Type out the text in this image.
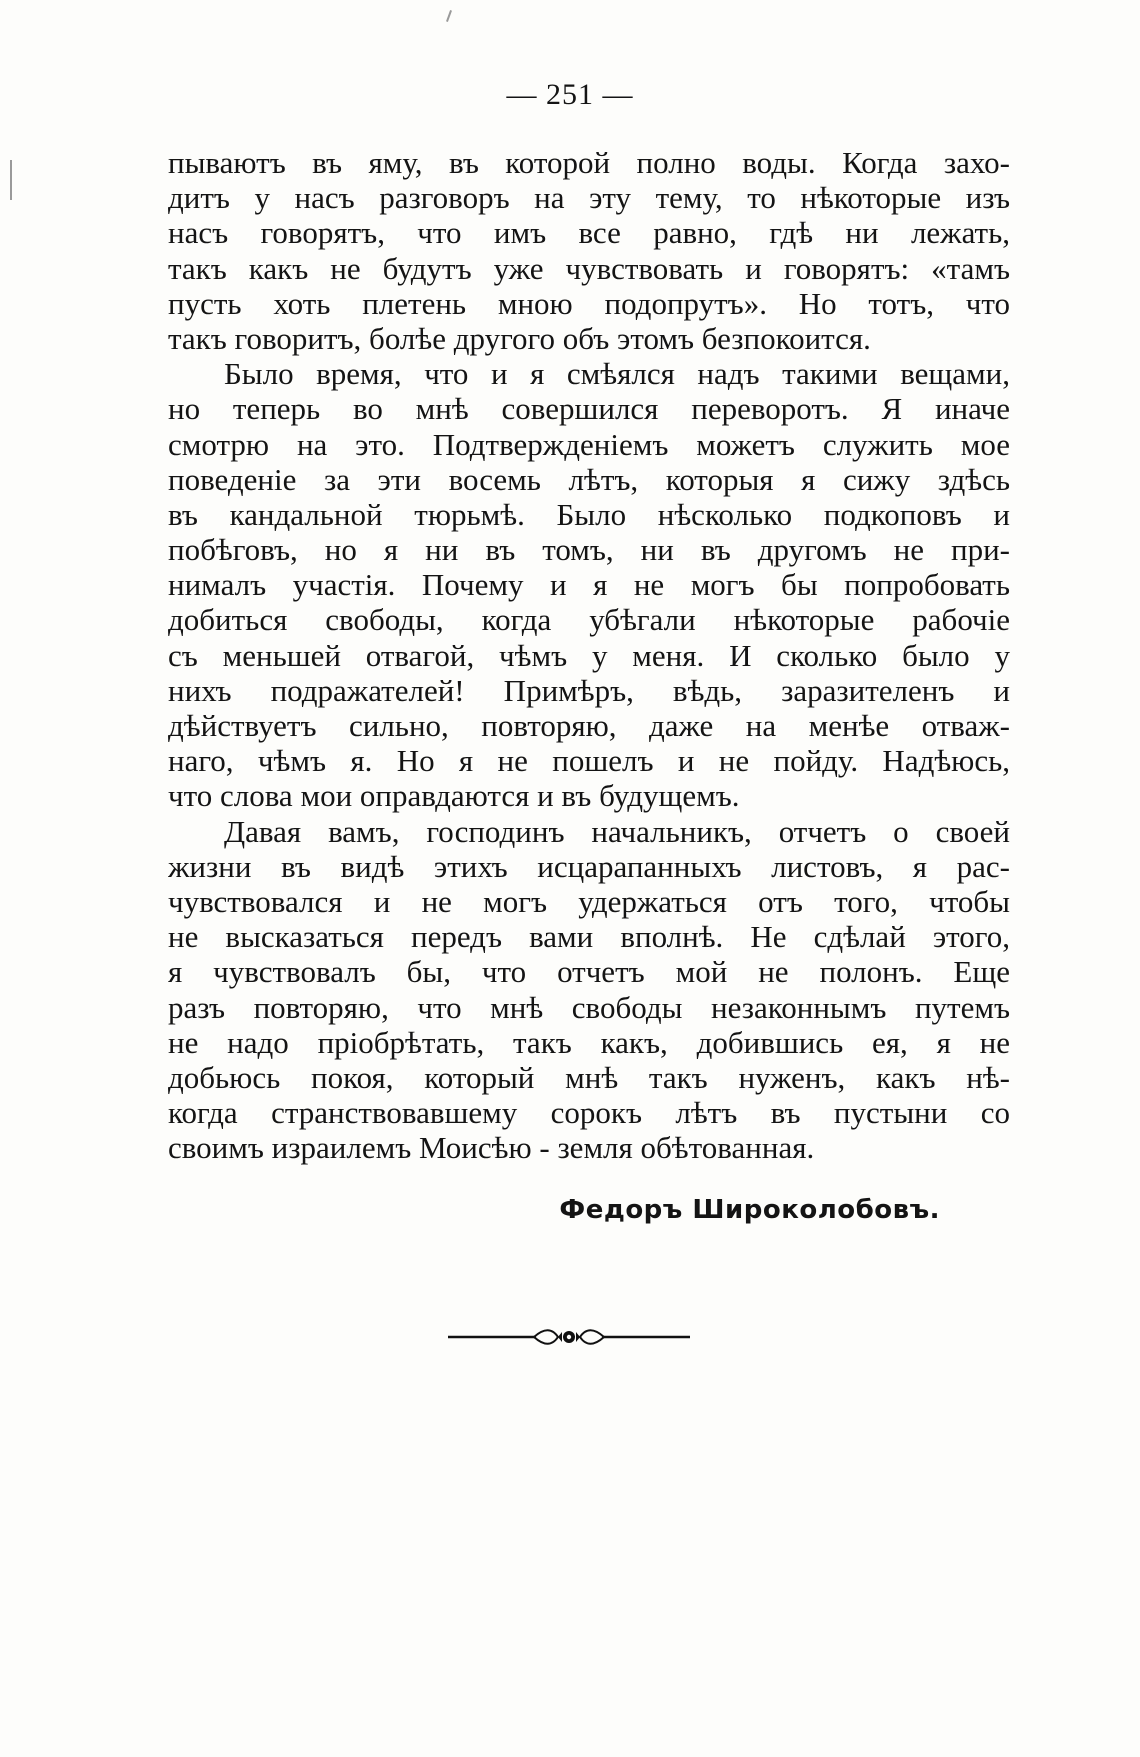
— 251 —
пываютъ въ яму, въ которой полно воды. Когда захо-
дитъ у насъ разговоръ на эту тему, то нѣкоторые изъ
насъ говорятъ, что имъ все равно, гдѣ ни лежать,
такъ какъ не будутъ уже чувствовать и говорятъ: «тамъ
пусть хоть плетень мною подопрутъ». Но тотъ, что
такъ говоритъ, болѣе другого объ этомъ безпокоится.
Было время, что и я смѣялся надъ такими вещами,
но теперь во мнѣ совершился переворотъ. Я иначе
смотрю на это. Подтвержденіемъ можетъ служить мое
поведеніе за эти восемь лѣтъ, которыя я сижу здѣсь
въ кандальной тюрьмѣ. Было нѣсколько подкоповъ и
побѣговъ, но я ни въ томъ, ни въ другомъ не при-
нималъ участія. Почему и я не могъ бы попробовать
добиться свободы, когда убѣгали нѣкоторые рабочіе
съ меньшей отвагой, чѣмъ у меня. И сколько было у
нихъ подражателей! Примѣръ, вѣдь, заразителенъ и
дѣйствуетъ сильно, повторяю, даже на менѣе отваж-
наго, чѣмъ я. Но я не пошелъ и не пойду. Надѣюсь,
что слова мои оправдаются и въ будущемъ.
Давая вамъ, господинъ начальникъ, отчетъ о своей
жизни въ видѣ этихъ исцарапанныхъ листовъ, я рас-
чувствовался и не могъ удержаться отъ того, чтобы
не высказаться передъ вами вполнѣ. Не сдѣлай этого,
я чувствовалъ бы, что отчетъ мой не полонъ. Еще
разъ повторяю, что мнѣ свободы незаконнымъ путемъ
не надо пріобрѣтать, такъ какъ, добившись ея, я не
добьюсь покоя, который мнѣ такъ нуженъ, какъ нѣ-
когда странствовавшему сорокъ лѣтъ въ пустыни со
своимъ израилемъ Моисѣю - земля обѣтованная.
Федоръ Широколобовъ.
